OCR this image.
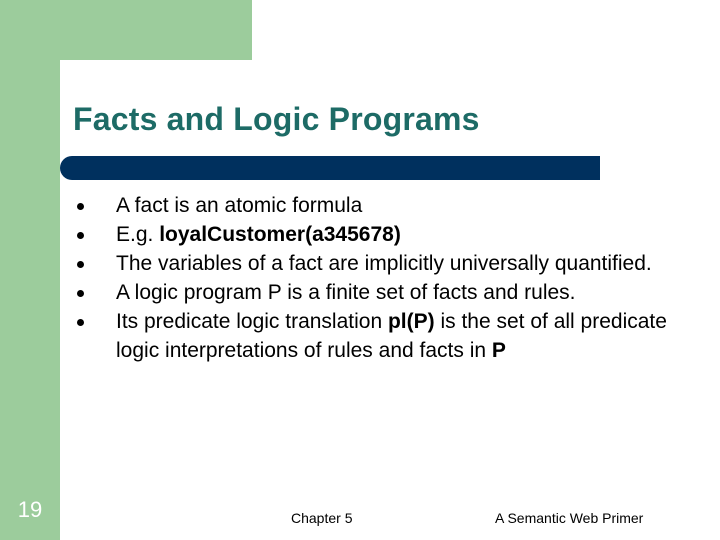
Facts and Logic Programs
A fact is an atomic formula
E.g. loyalCustomer(a345678)
The variables of a fact are implicitly universally quantified.
A logic program P is a finite set of facts and rules.
Its predicate logic translation pl(P) is the set of all predicate logic interpretations of rules and facts in P
19	Chapter 5	A Semantic Web Primer
